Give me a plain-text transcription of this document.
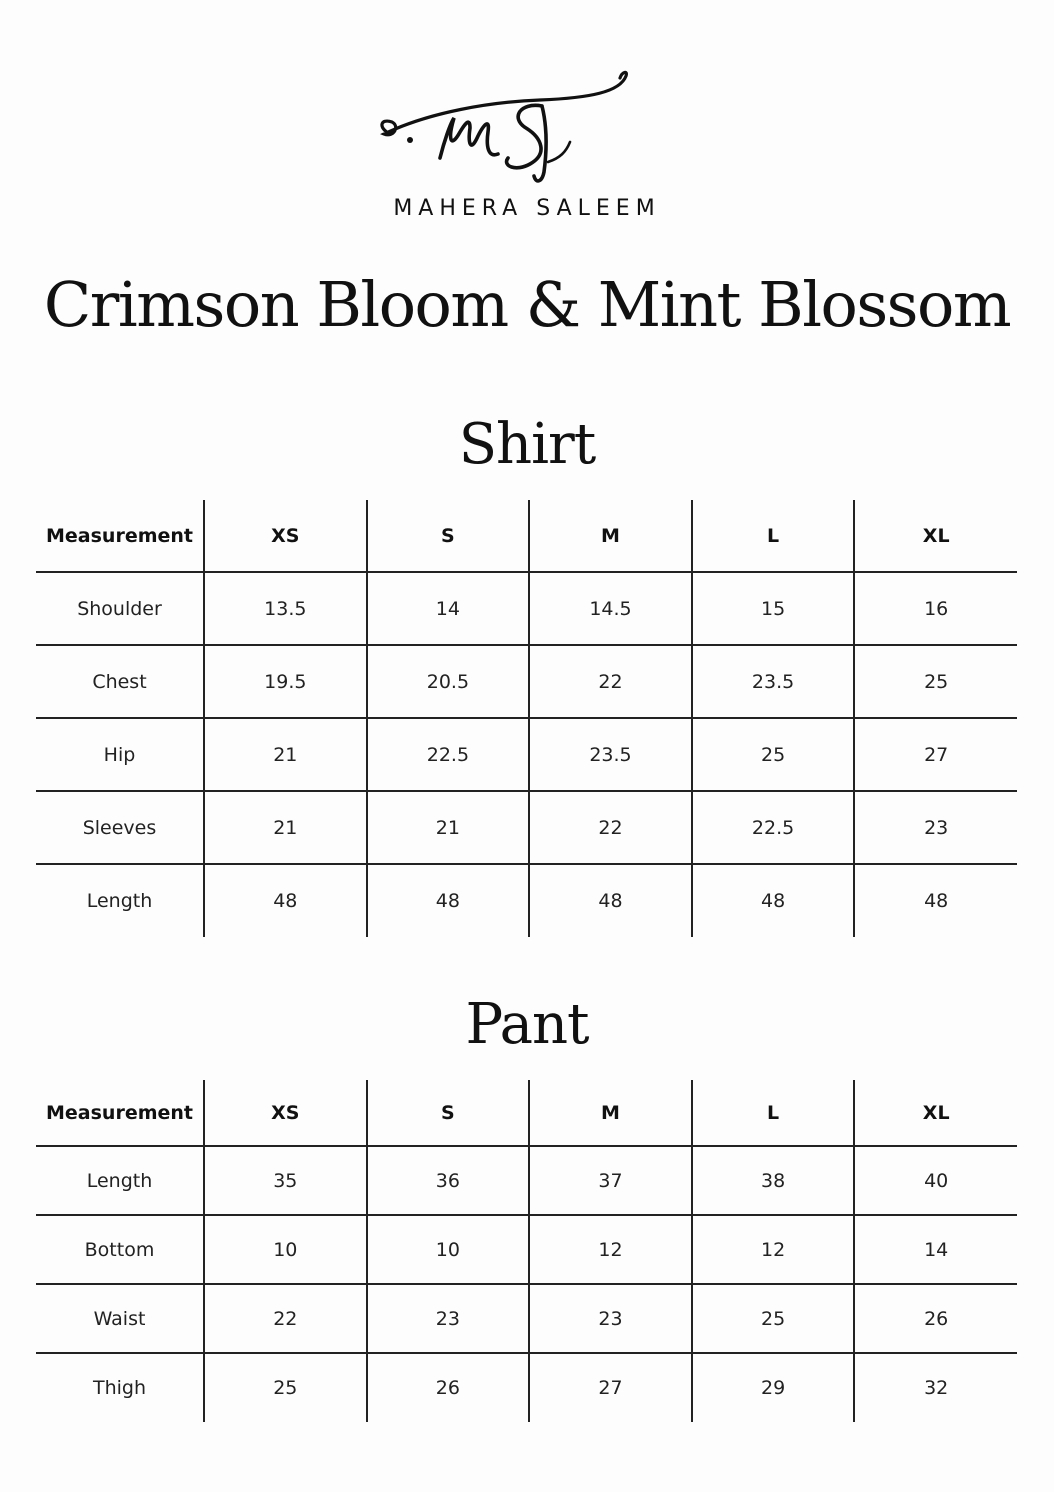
MAHERA SALEEM
Crimson Bloom & Mint Blossom
Shirt
Measurement	XS	S	M	L	XL
Shoulder	13.5	14	14.5	15	16
Chest	19.5	20.5	22	23.5	25
Hip	21	22.5	23.5	25	27
Sleeves	21	21	22	22.5	23
Length	48	48	48	48	48
Pant
Measurement	XS	S	M	L	XL
Length	35	36	37	38	40
Bottom	10	10	12	12	14
Waist	22	23	23	25	26
Thigh	25	26	27	29	32
